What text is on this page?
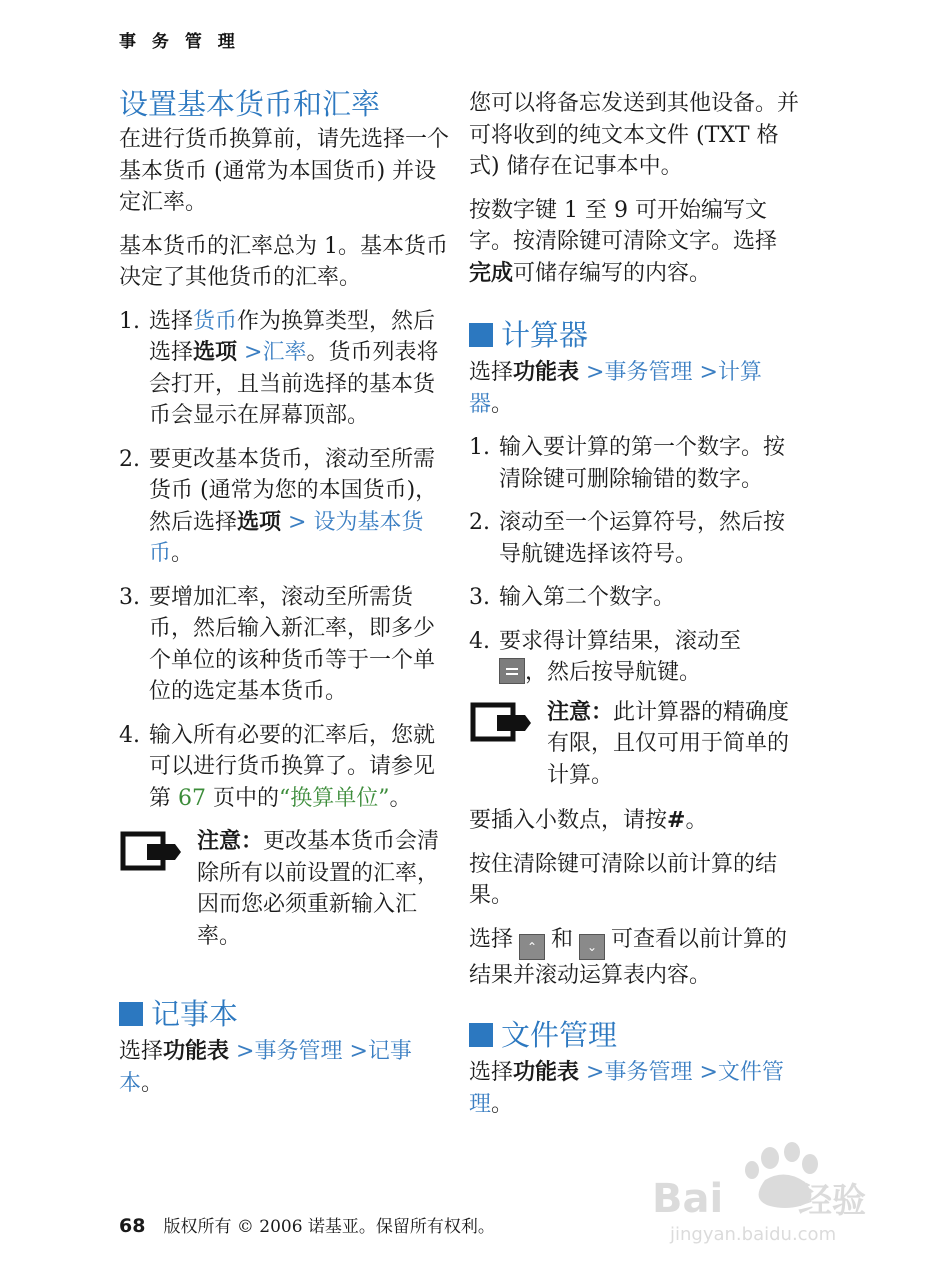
事 务 管 理
设置基本货币和汇率

在进行货币换算前，请先选择一个基本货币 (通常为本国货币) 并设定汇率。

基本货币的汇率总为 1。基本货币决定了其他货币的汇率。

1. 选择货币作为换算类型，然后选择选项 >汇率。货币列表将会打开，且当前选择的基本货币会显示在屏幕顶部。
2. 要更改基本货币，滚动至所需货币 (通常为您的本国货币)，然后选择选项 > 设为基本货币。
3. 要增加汇率，滚动至所需货币，然后输入新汇率，即多少个单位的该种货币等于一个单位的选定基本货币。
4. 输入所有必要的汇率后，您就可以进行货币换算了。请参见第 67 页中的“换算单位”。
注意：更改基本货币会清除所有以前设置的汇率，因而您必须重新输入汇率。
记事本

选择功能表 >事务管理 >记事本。

您可以将备忘发送到其他设备。并可将收到的纯文本文件 (TXT 格式) 储存在记事本中。

按数字键 1 至 9 可开始编写文字。按清除键可清除文字。选择完成可储存编写的内容。

计算器

选择功能表 >事务管理 >计算器。

1. 输入要计算的第一个数字。按清除键可删除输错的数字。
2. 滚动至一个运算符号，然后按导航键选择该符号。
3. 输入第二个数字。
4. 要求得计算结果，滚动至
，然后按导航键。
注意：此计算器的精确度有限，且仅可用于简单的计算。

要插入小数点，请按#。

按住清除键可清除以前计算的结果。

选择 ⌃ 和 ⌄ 可查看以前计算的结果并滚动运算表内容。

文件管理

选择功能表 >事务管理 >文件管理。

68 版权所有 © 2006 诺基亚。保留所有权利。
Bai 经验
jingyan.baidu.com
